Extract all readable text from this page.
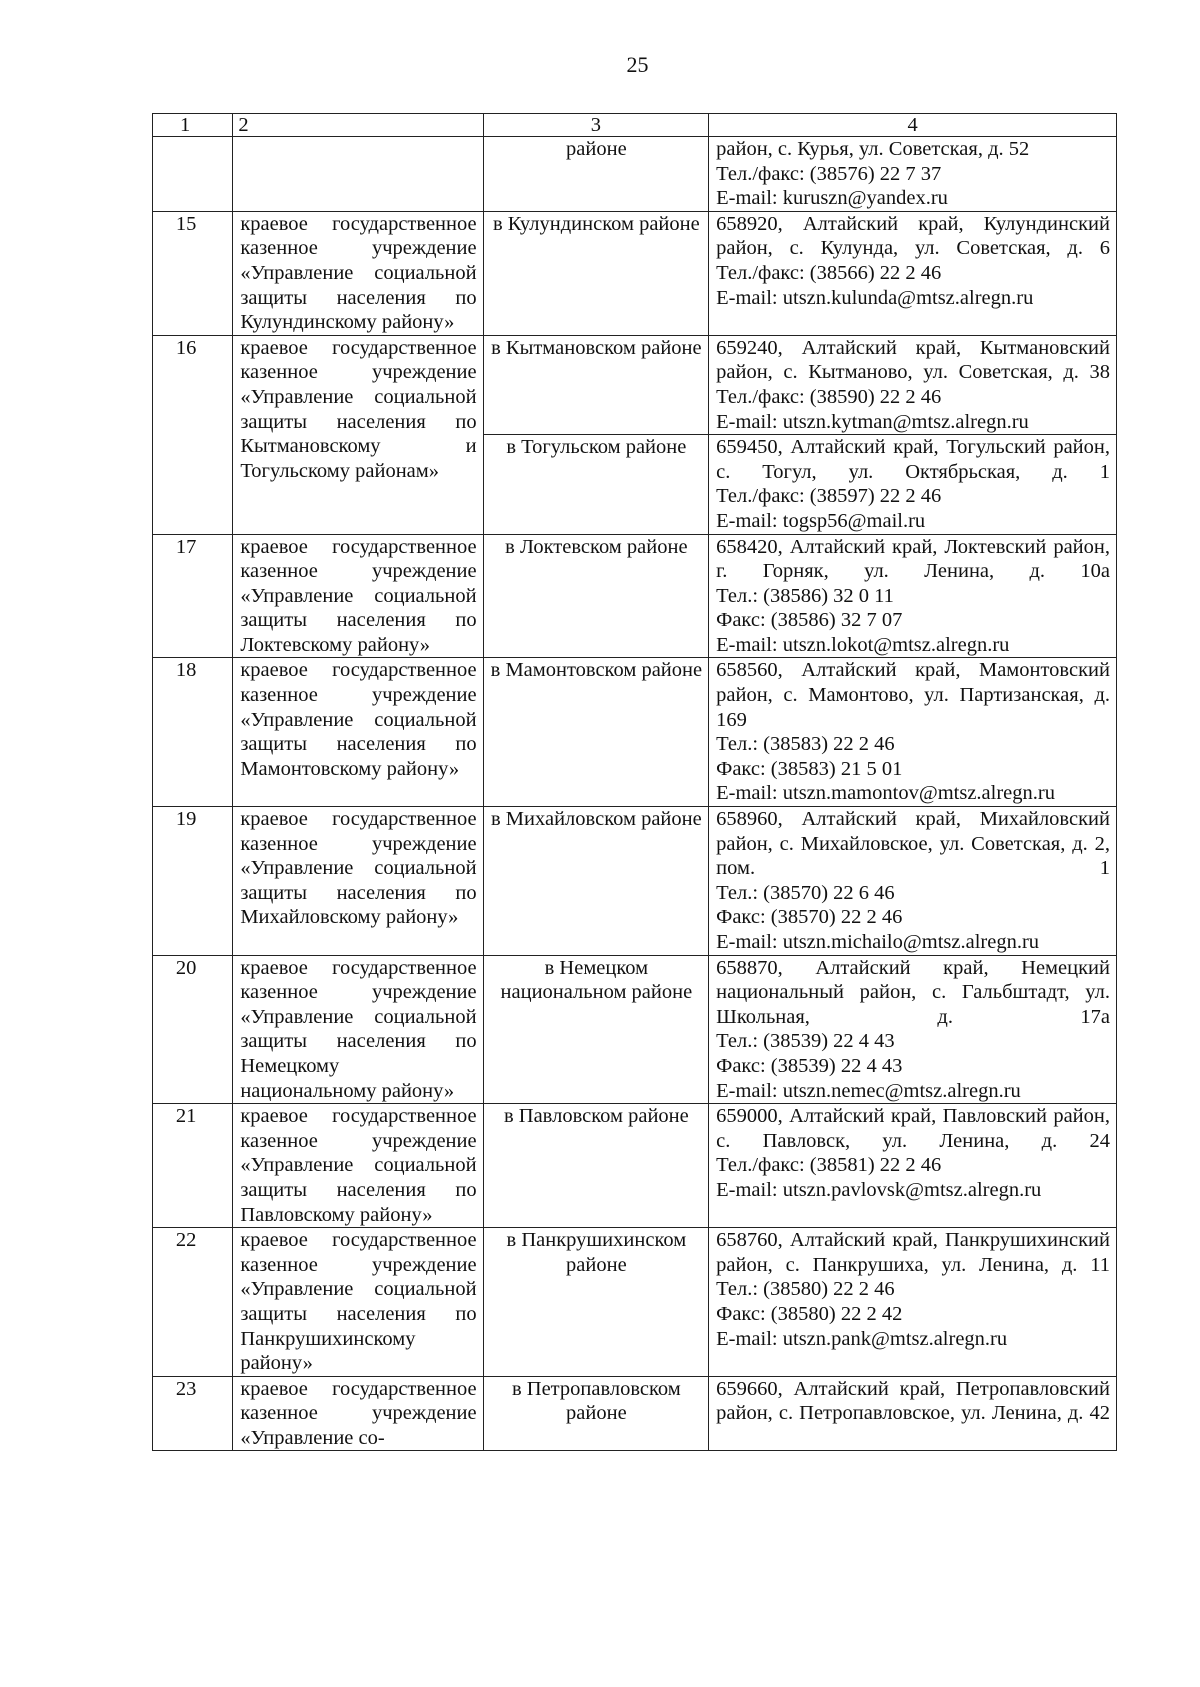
25
1	2	3	4
		районе	район, с. Курья, ул. Советская, д. 52
Тел./факс: (38576) 22 7 37
E-mail: kuruszn@yandex.ru

15	краевое государственное казенное учреждение «Управление социальной защиты населения по Кулундинскому району»	в Кулундинском районе	658920, Алтайский край, Кулундинский район, с. Кулунда, ул. Советская, д. 6
Тел./факс: (38566) 22 2 46
E-mail: utszn.kulunda@mtsz.alregn.ru

16	краевое государственное казенное учреждение «Управление социальной защиты населения по Кытмановскому и Тогульскому районам»	в Кытмановском районе	659240, Алтайский край, Кытмановский район, с. Кытманово, ул. Советская, д. 38
Тел./факс: (38590) 22 2 46
E-mail: utszn.kytman@mtsz.alregn.ru

		в Тогульском районе	659450, Алтайский край, Тогульский район, с. Тогул, ул. Октябрьская, д. 1
Тел./факс: (38597) 22 2 46
E-mail: togsp56@mail.ru

17	краевое государственное казенное учреждение «Управление социальной защиты населения по Локтевскому району»	в Локтевском районе	658420, Алтайский край, Локтевский район, г. Горняк, ул. Ленина, д. 10а
Тел.: (38586) 32 0 11
Факс: (38586) 32 7 07
E-mail: utszn.lokot@mtsz.alregn.ru

18	краевое государственное казенное учреждение «Управление социальной защиты населения по Мамонтовскому району»	в Мамонтовском районе	658560, Алтайский край, Мамонтовский район, с. Мамонтово, ул. Партизанская, д. 169
Тел.: (38583) 22 2 46
Факс: (38583) 21 5 01
E-mail: utszn.mamontov@mtsz.alregn.ru

19	краевое государственное казенное учреждение «Управление социальной защиты населения по Михайловскому району»	в Михайловском районе	658960, Алтайский край, Михайловский район, с. Михайловское, ул. Советская, д. 2, пом. 1
Тел.: (38570) 22 6 46
Факс: (38570) 22 2 46
E-mail: utszn.michailo@mtsz.alregn.ru

20	краевое государственное казенное учреждение «Управление социальной защиты населения по Немецкому национальному району»	в Немецком национальном районе	658870, Алтайский край, Немецкий национальный район, с. Гальбштадт, ул. Школьная, д. 17а
Тел.: (38539) 22 4 43
Факс: (38539) 22 4 43
E-mail: utszn.nemec@mtsz.alregn.ru

21	краевое государственное казенное учреждение «Управление социальной защиты населения по Павловскому району»	в Павловском районе	659000, Алтайский край, Павловский район, с. Павловск, ул. Ленина, д. 24
Тел./факс: (38581) 22 2 46
E-mail: utszn.pavlovsk@mtsz.alregn.ru

22	краевое государственное казенное учреждение «Управление социальной защиты населения по Панкрушихинскому району»	в Панкрушихинском районе	658760, Алтайский край, Панкрушихинский район, с. Панкрушиха, ул. Ленина, д. 11
Тел.: (38580) 22 2 46
Факс: (38580) 22 2 42
E-mail: utszn.pank@mtsz.alregn.ru

23	краевое государственное казенное учреждение «Управление со-	в Петропавловском районе	659660, Алтайский край, Петропавловский район, с. Петропавловское, ул. Ленина, д. 42
